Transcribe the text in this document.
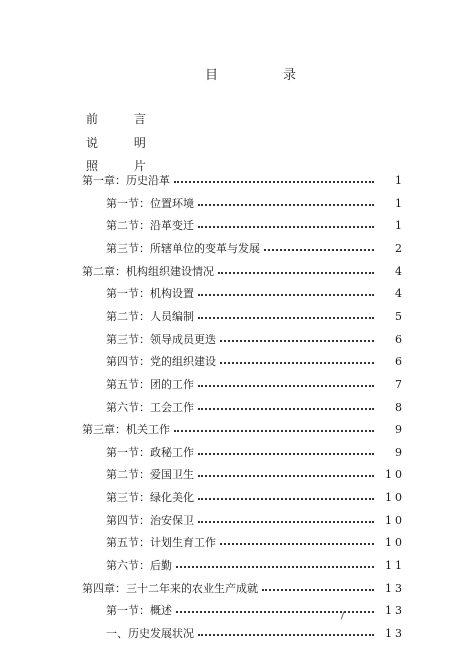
目	录
前 言
说 明
照 片
第一章：历史沿革	1
第一节：位置环境	1
第二节：沿革变迁	1
第三节：所辖单位的变革与发展	2
第二章：机构组织建设情况	4
第一节：机构设置	4
第二节：人员编制	5
第三节：领导成员更迭	6
第四节：党的组织建设	6
第五节：团的工作	7
第六节：工会工作	8
第三章：机关工作	9
第一节：政秘工作	9
第二节：爱国卫生	10
第三节：绿化美化	10
第四节：治安保卫	10
第五节：计划生育工作	10
第六节：后勤	11
第四章：三十二年来的农业生产成就	13
第一节：概述	13
一、历史发展状况	13
